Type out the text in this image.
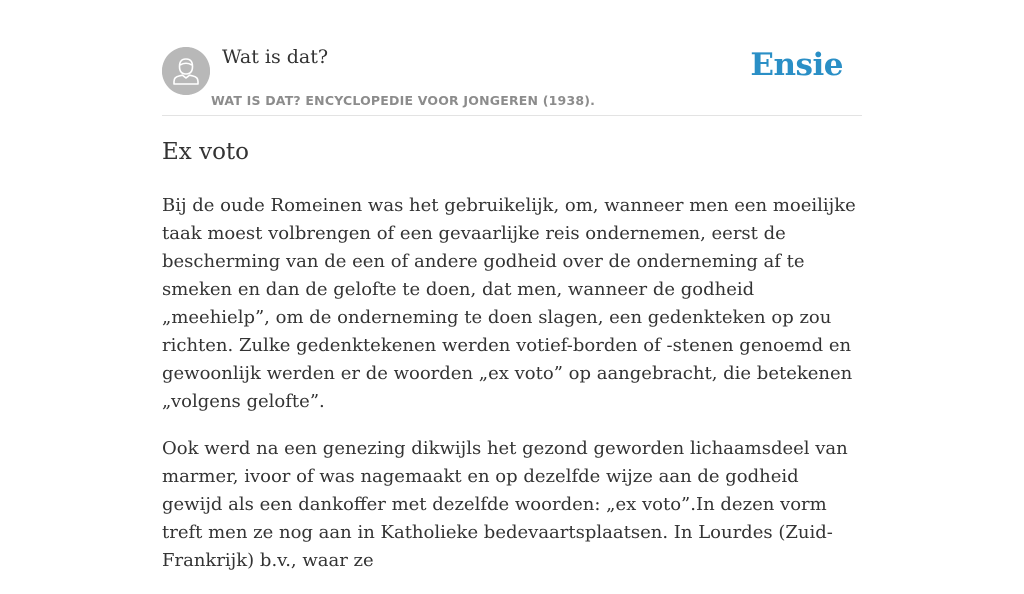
Wat is dat?
WAT IS DAT? ENCYCLOPEDIE VOOR JONGEREN (1938).
Ensie
Ex voto

Bij de oude Romeinen was het gebruikelijk, om, wanneer men een moeilijke taak moest volbrengen of een gevaarlijke reis ondernemen, eerst de bescherming van de een of andere godheid over de onderneming af te smeken en dan de gelofte te doen, dat men, wanneer de godheid „meehielp”, om de onderneming te doen slagen, een gedenkteken op zou richten. Zulke gedenktekenen werden votief-borden of -stenen genoemd en gewoonlijk werden er de woorden „ex voto” op aangebracht, die betekenen „volgens gelofte”.

Ook werd na een genezing dikwijls het gezond geworden lichaamsdeel van marmer, ivoor of was nagemaakt en op dezelfde wijze aan de godheid gewijd als een dankoffer met dezelfde woorden: „ex voto”.In dezen vorm treft men ze nog aan in Katholieke bedevaartsplaatsen. In Lourdes (Zuid-Frankrijk) b.v., waar ze
